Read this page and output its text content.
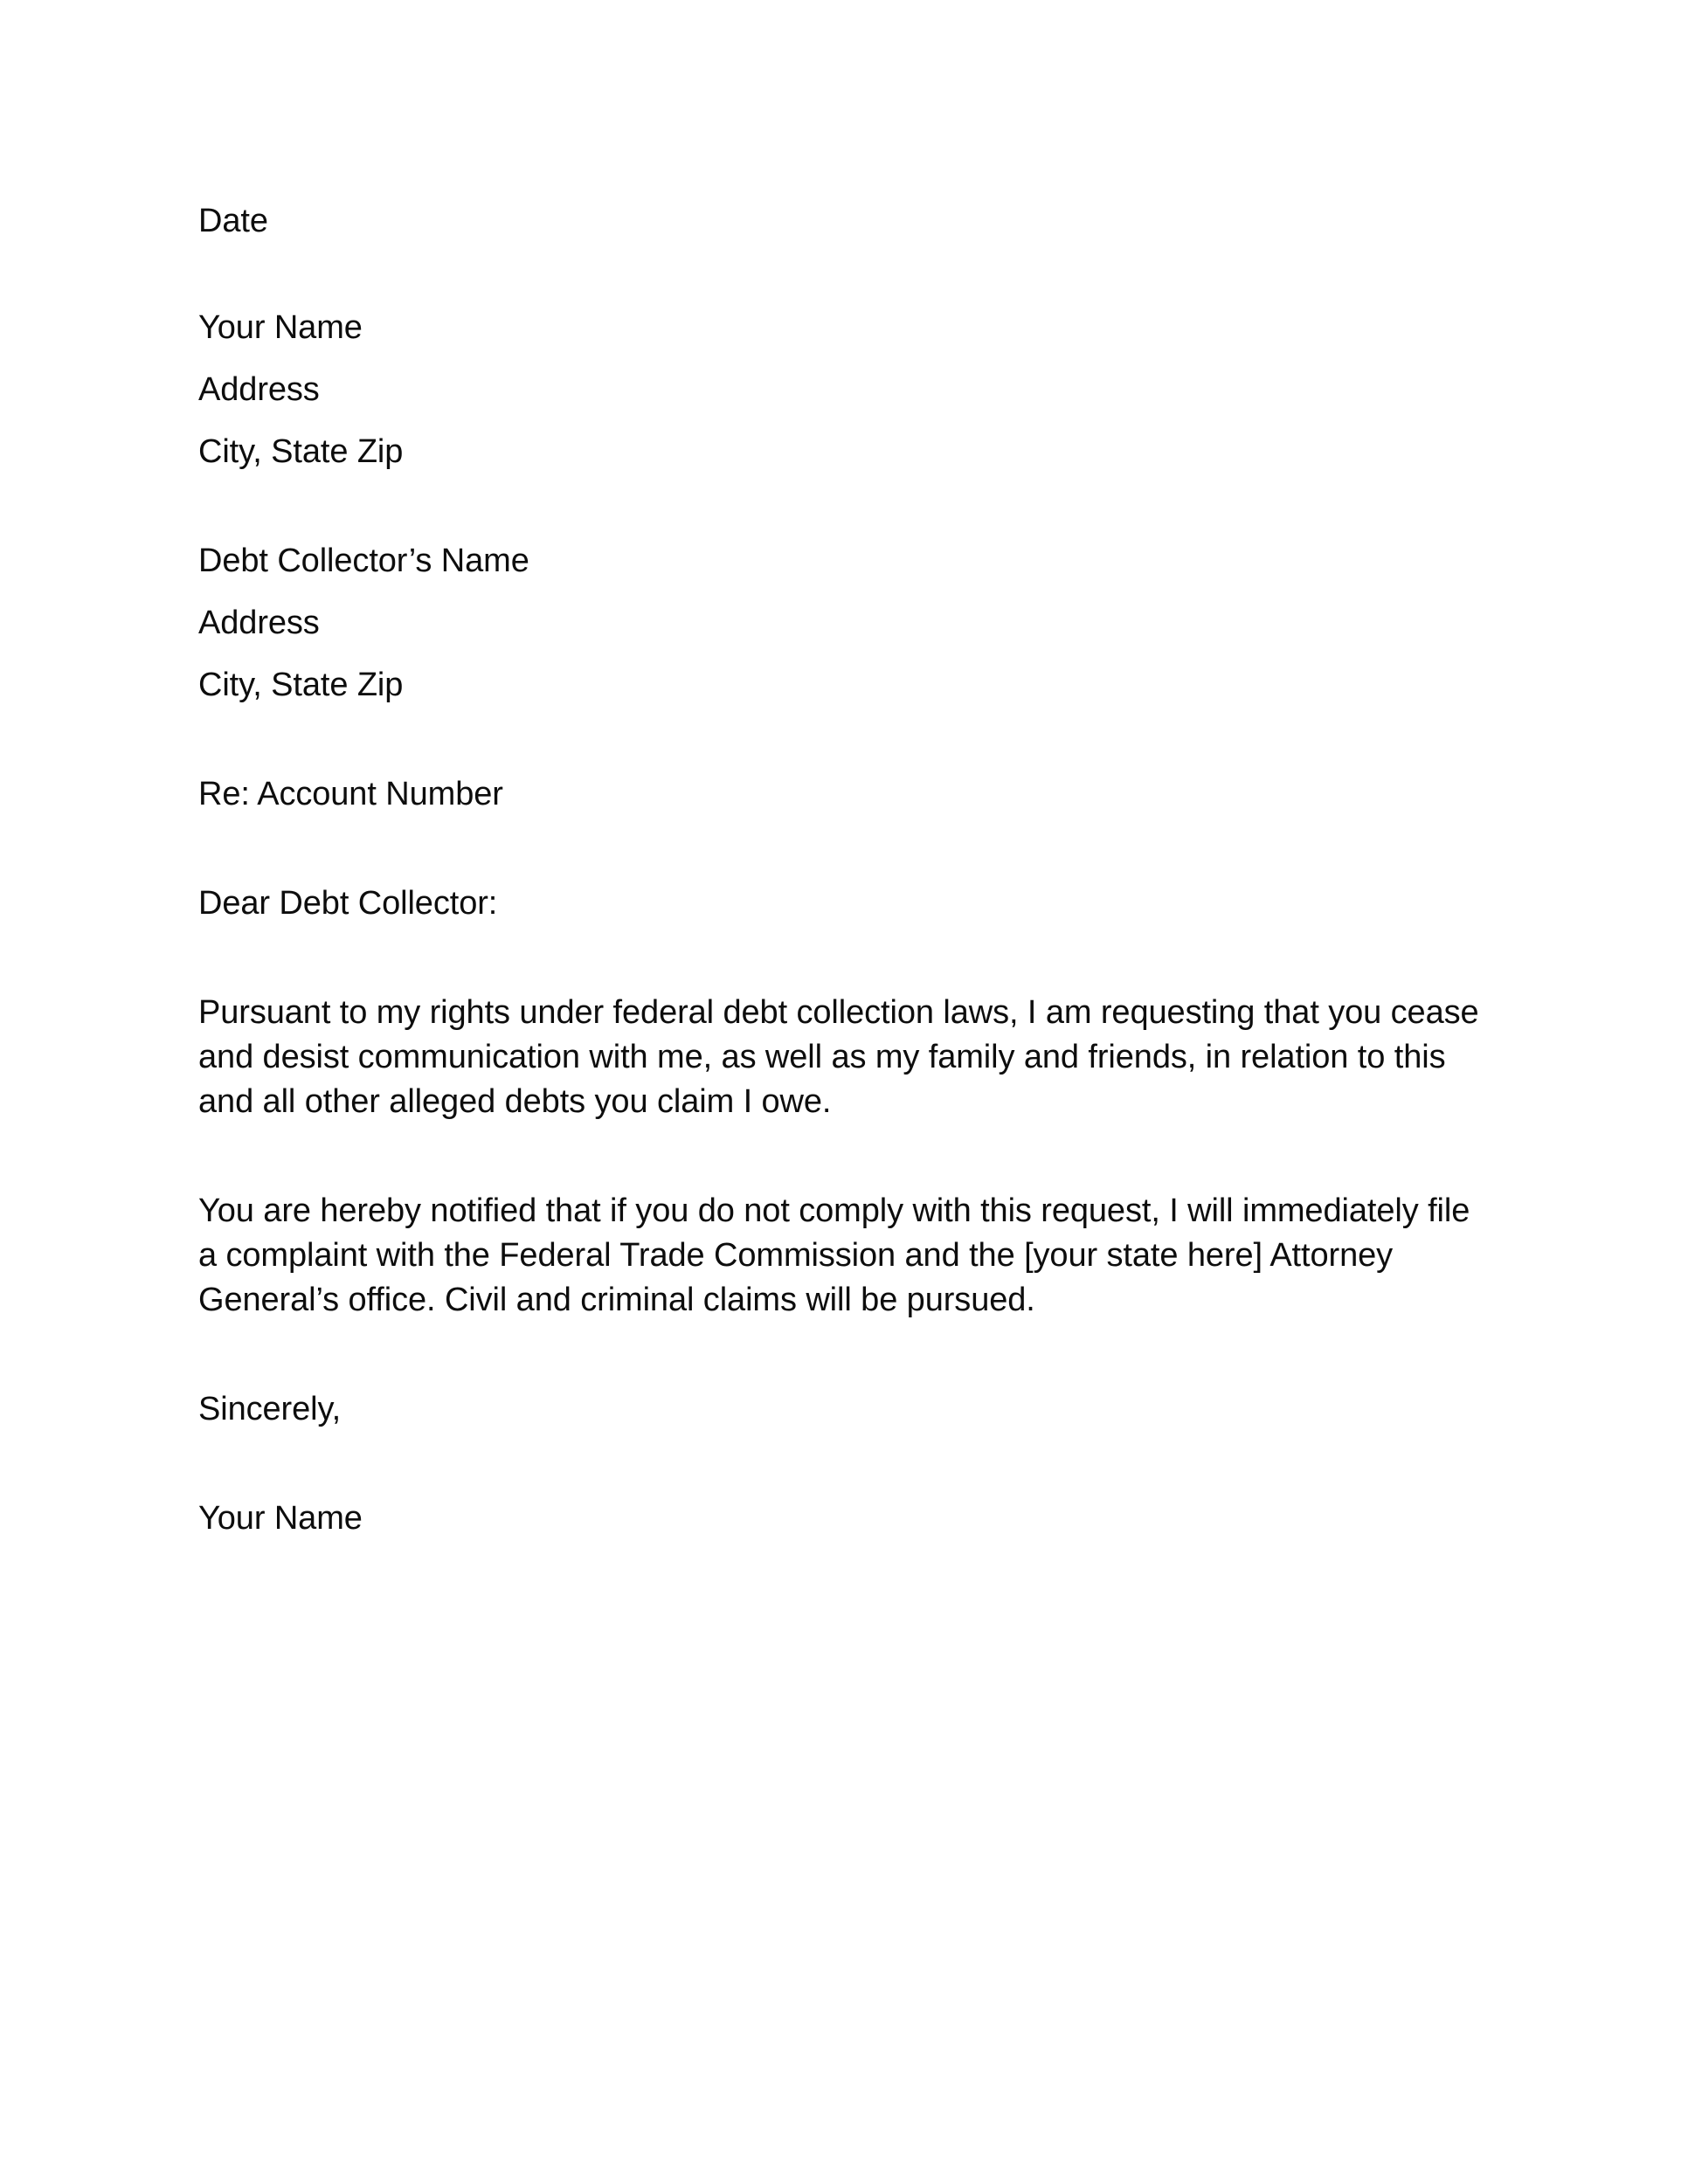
Date
Your Name
Address
City, State Zip
Debt Collector’s Name
Address
City, State Zip
Re: Account Number
Dear Debt Collector:
Pursuant to my rights under federal debt collection laws, I am requesting that you cease and desist communication with me, as well as my family and friends, in relation to this and all other alleged debts you claim I owe.
You are hereby notified that if you do not comply with this request, I will immediately file a complaint with the Federal Trade Commission and the [your state here] Attorney General’s office. Civil and criminal claims will be pursued.
Sincerely,
Your Name
